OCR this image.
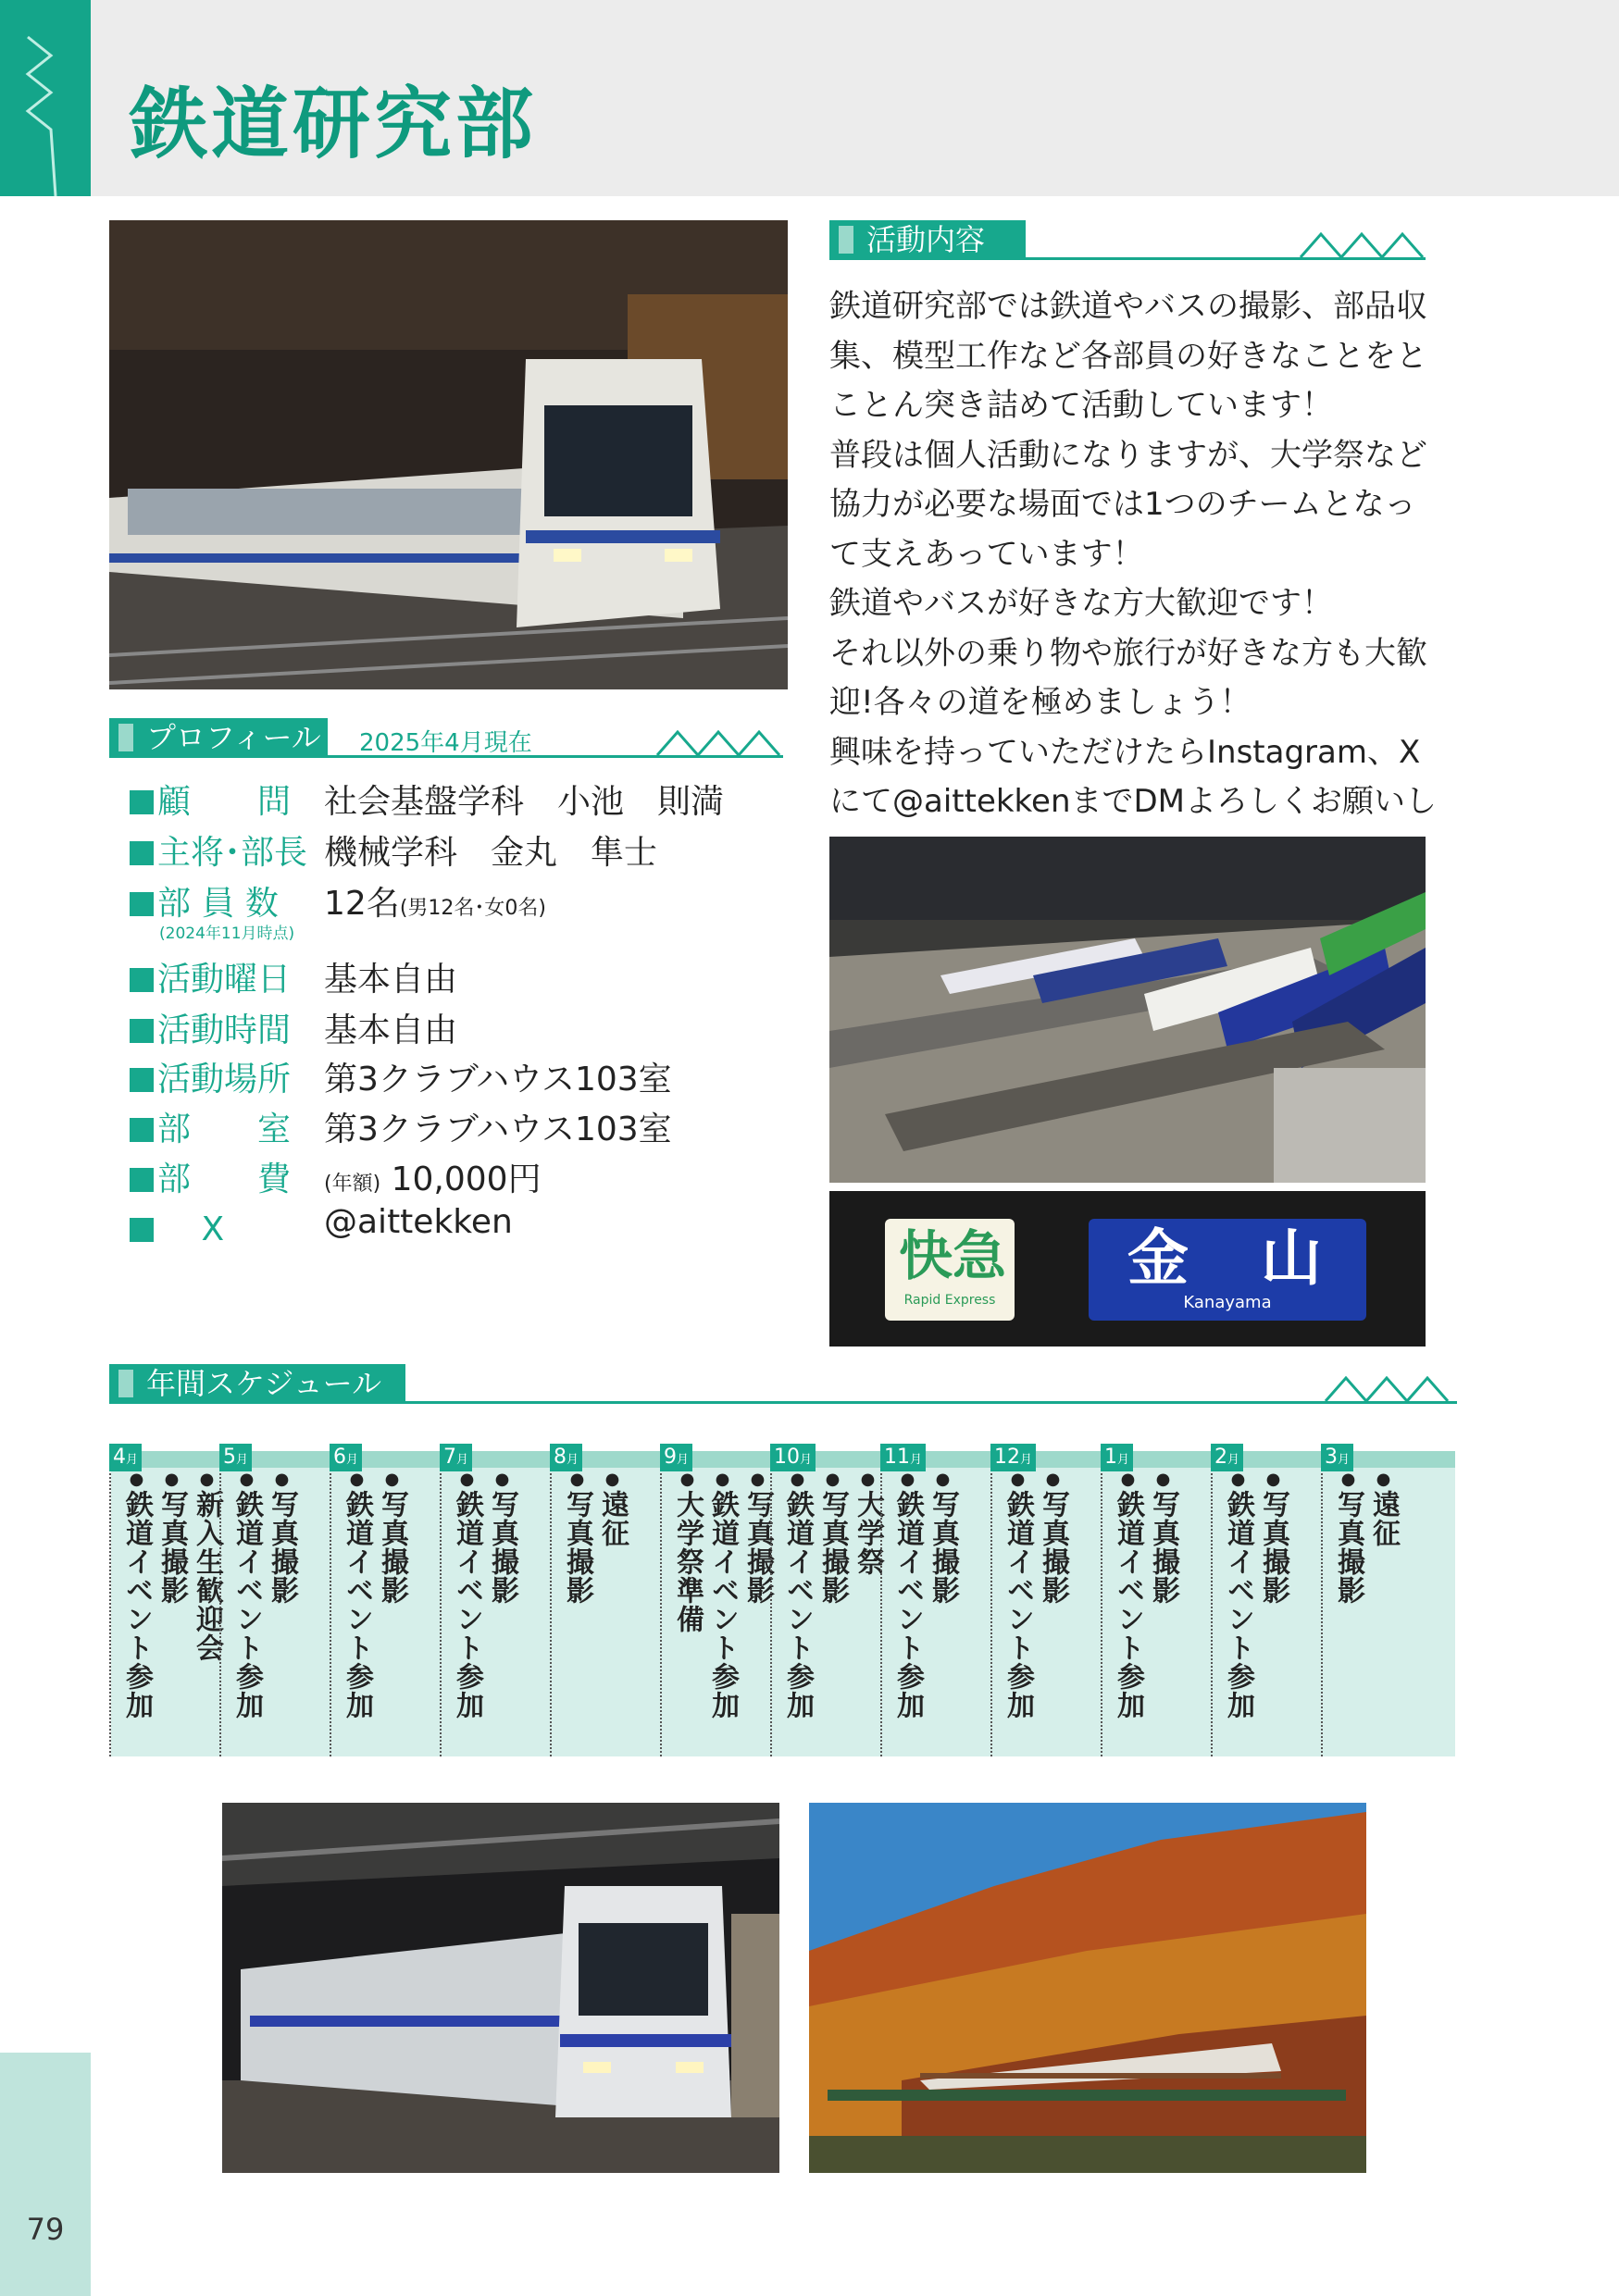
鉄道研究部
79
活動内容

鉄道研究部では鉄道やバスの撮影、部品収集、模型工作など各部員の好きなことをとことん突き詰めて活動しています！

普段は個人活動になりますが、大学祭など協力が必要な場面では1つのチームとなって支えあっています！

鉄道やバスが好きな方大歓迎です！

それ以外の乗り物や旅行が好きな方も大歓迎!各々の道を極めましょう！

興味を持っていただけたらInstagram、Xにて@aittekkenまでDMよろしくお願いし

快急
Rapid Express
金　山
Kanayama
プロフィール 2025年4月現在
顧　　問 社会基盤学科　小池　則満
主将･部長 機械学科　金丸　隼士
部 員 数 12名(男12名･女0名)
(2024年11月時点)
活動曜日 基本自由
活動時間 基本自由
活動場所 第3クラブハウス103室
部　　室 第3クラブハウス103室
部　　費 (年額) 10,000円
　 X	@aittekken
年間スケジュール
4月
● 新入生歓迎会
● 写真撮影
● 鉄道イベント参加
5月
● 写真撮影
● 鉄道イベント参加
6月
● 写真撮影
● 鉄道イベント参加
7月
● 写真撮影
● 鉄道イベント参加
8月
● 遠征
● 写真撮影
9月
● 写真撮影
● 鉄道イベント参加
● 大学祭準備
10月
● 大学祭
● 写真撮影
● 鉄道イベント参加
11月
● 写真撮影
● 鉄道イベント参加
12月
● 写真撮影
● 鉄道イベント参加
1月
● 写真撮影
● 鉄道イベント参加
2月
● 写真撮影
● 鉄道イベント参加
3月
● 遠征
● 写真撮影
